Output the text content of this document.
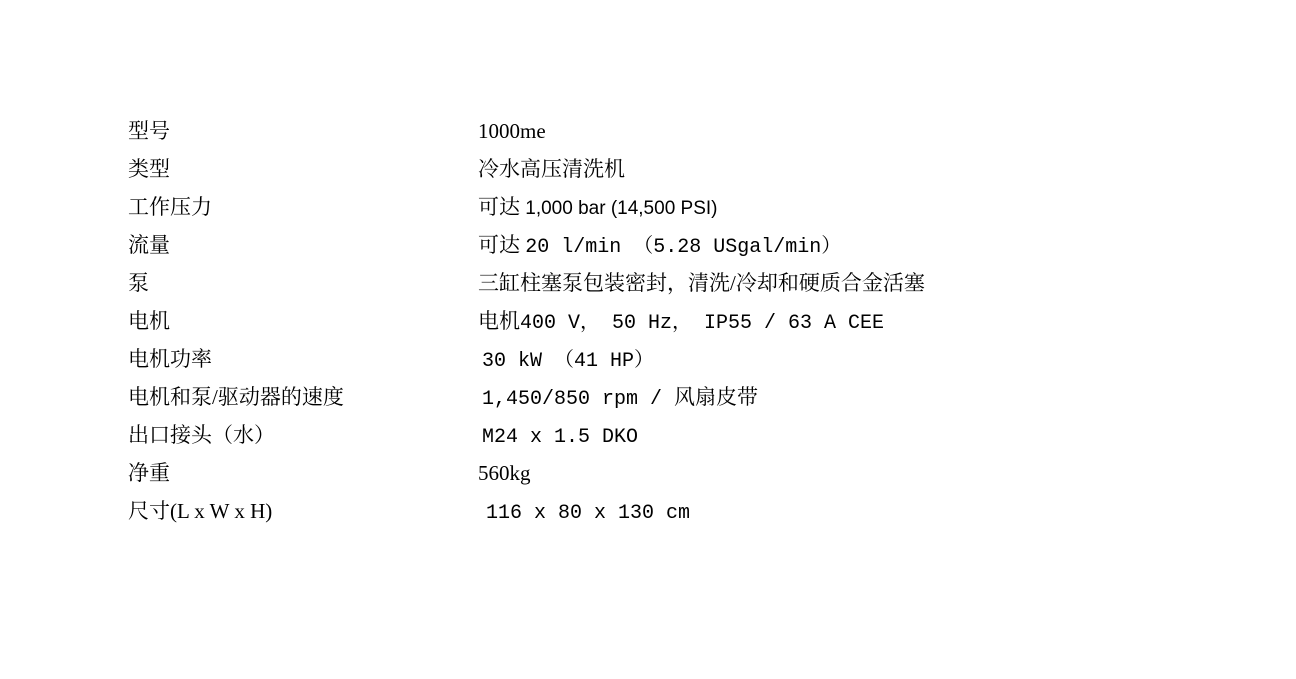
型号	1000me
类型	冷水高压清洗机
工作压力	可达 1,000 bar (14,500 PSI)
流量	可达 20 l/min （5.28 USgal/min）
泵	三缸柱塞泵包装密封，清洗/冷却和硬质合金活塞
电机	电机400 V， 50 Hz， IP55 / 63 A CEE
电机功率	30 kW （41 HP）
电机和泵/驱动器的速度	1,450/850 rpm / 风扇皮带
出口接头（水）	M24 x 1.5 DKO
净重	560kg
尺寸(L x W x H)	116 x 80 x 130 cm
